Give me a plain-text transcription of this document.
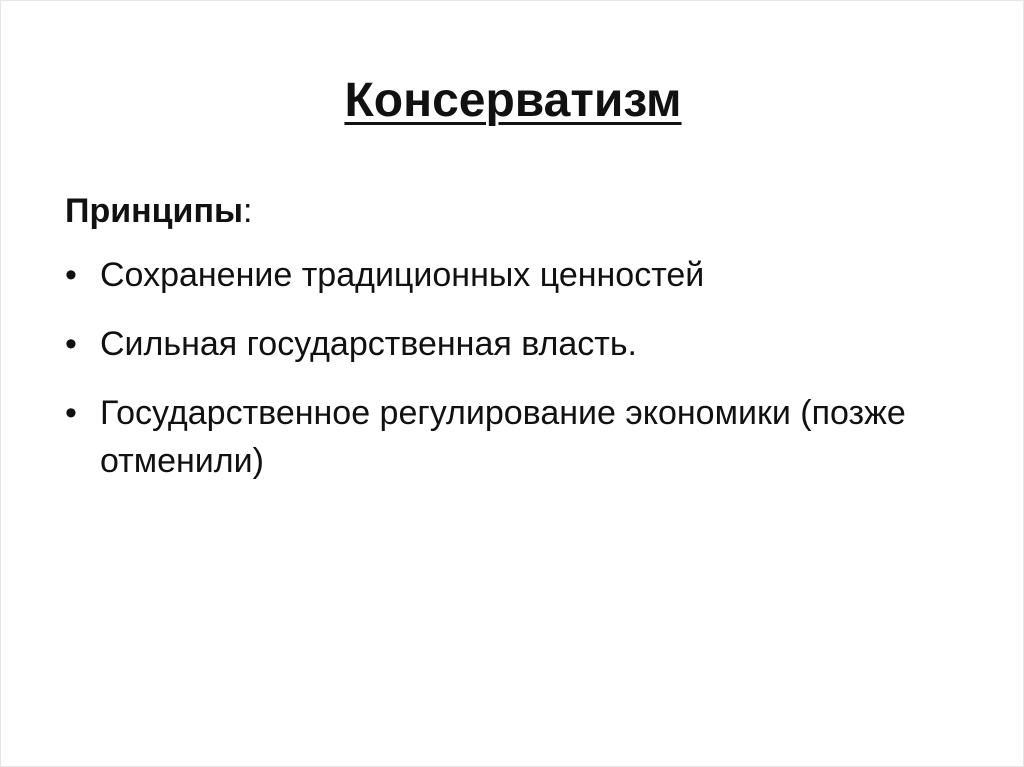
Консерватизм

Принципы:

• Сохранение традиционных ценностей
• Сильная государственная власть.
• Государственное регулирование экономики (позже отменили)
